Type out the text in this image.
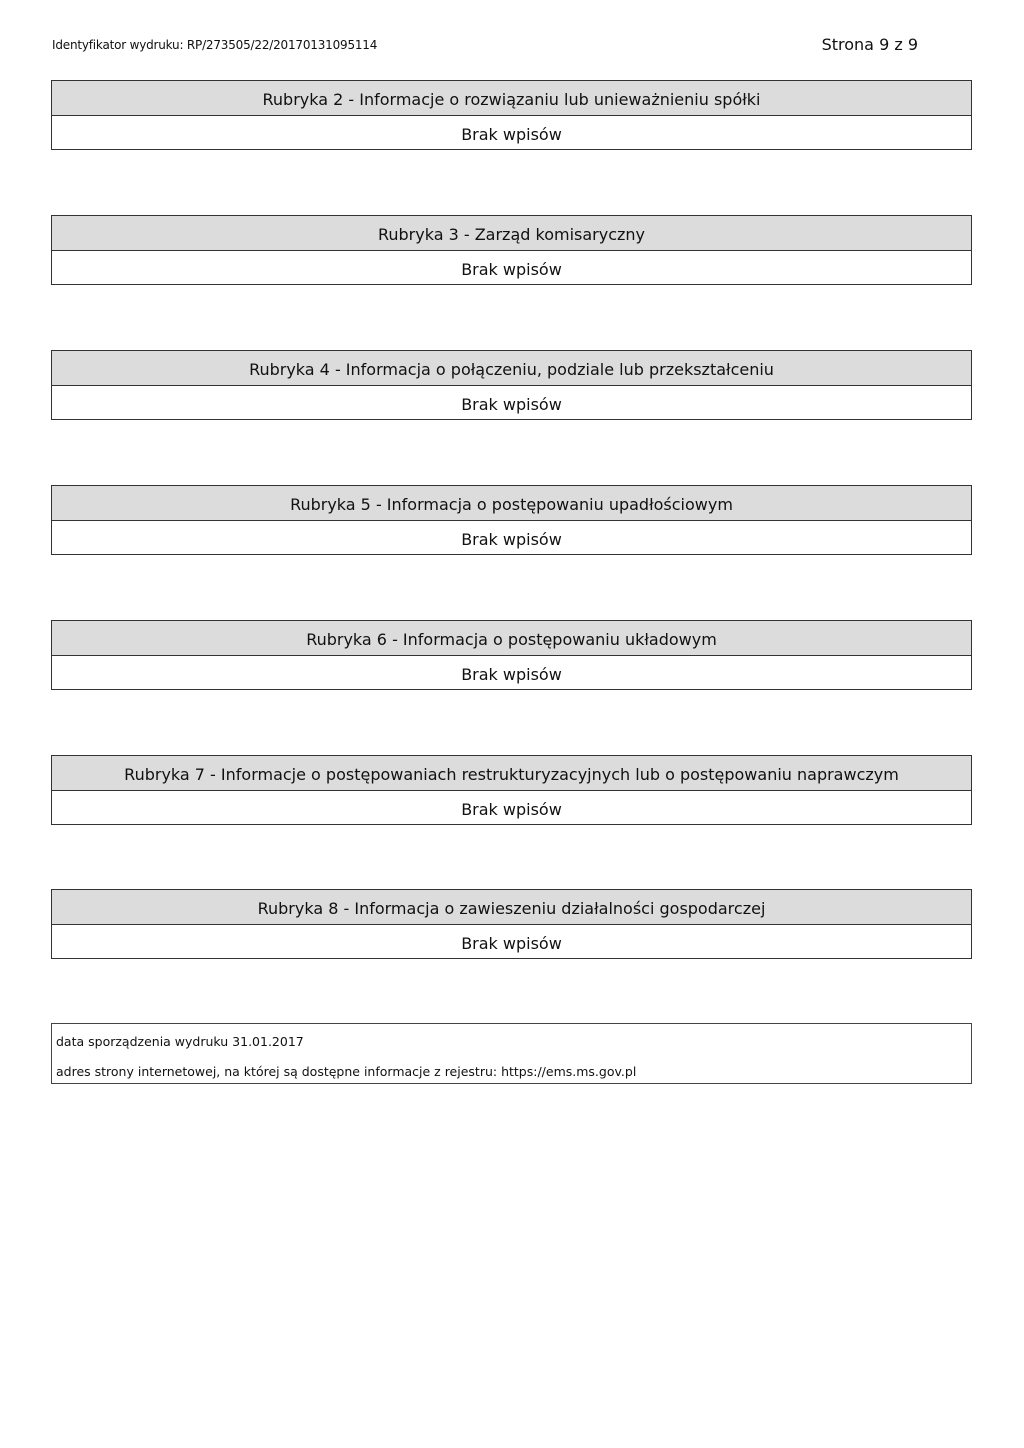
Identyfikator wydruku: RP/273505/22/20170131095114	Strona 9 z 9
Rubryka 2 - Informacje o rozwiązaniu lub unieważnieniu spółki
Brak wpisów
Rubryka 3 - Zarząd komisaryczny
Brak wpisów
Rubryka 4 - Informacja o połączeniu, podziale lub przekształceniu
Brak wpisów
Rubryka 5 - Informacja o postępowaniu upadłościowym
Brak wpisów
Rubryka 6 - Informacja o postępowaniu układowym
Brak wpisów
Rubryka 7 - Informacje o postępowaniach restrukturyzacyjnych lub o postępowaniu naprawczym
Brak wpisów
Rubryka 8 - Informacja o zawieszeniu działalności gospodarczej
Brak wpisów
data sporządzenia wydruku 31.01.2017
adres strony internetowej, na której są dostępne informacje z rejestru: https://ems.ms.gov.pl
